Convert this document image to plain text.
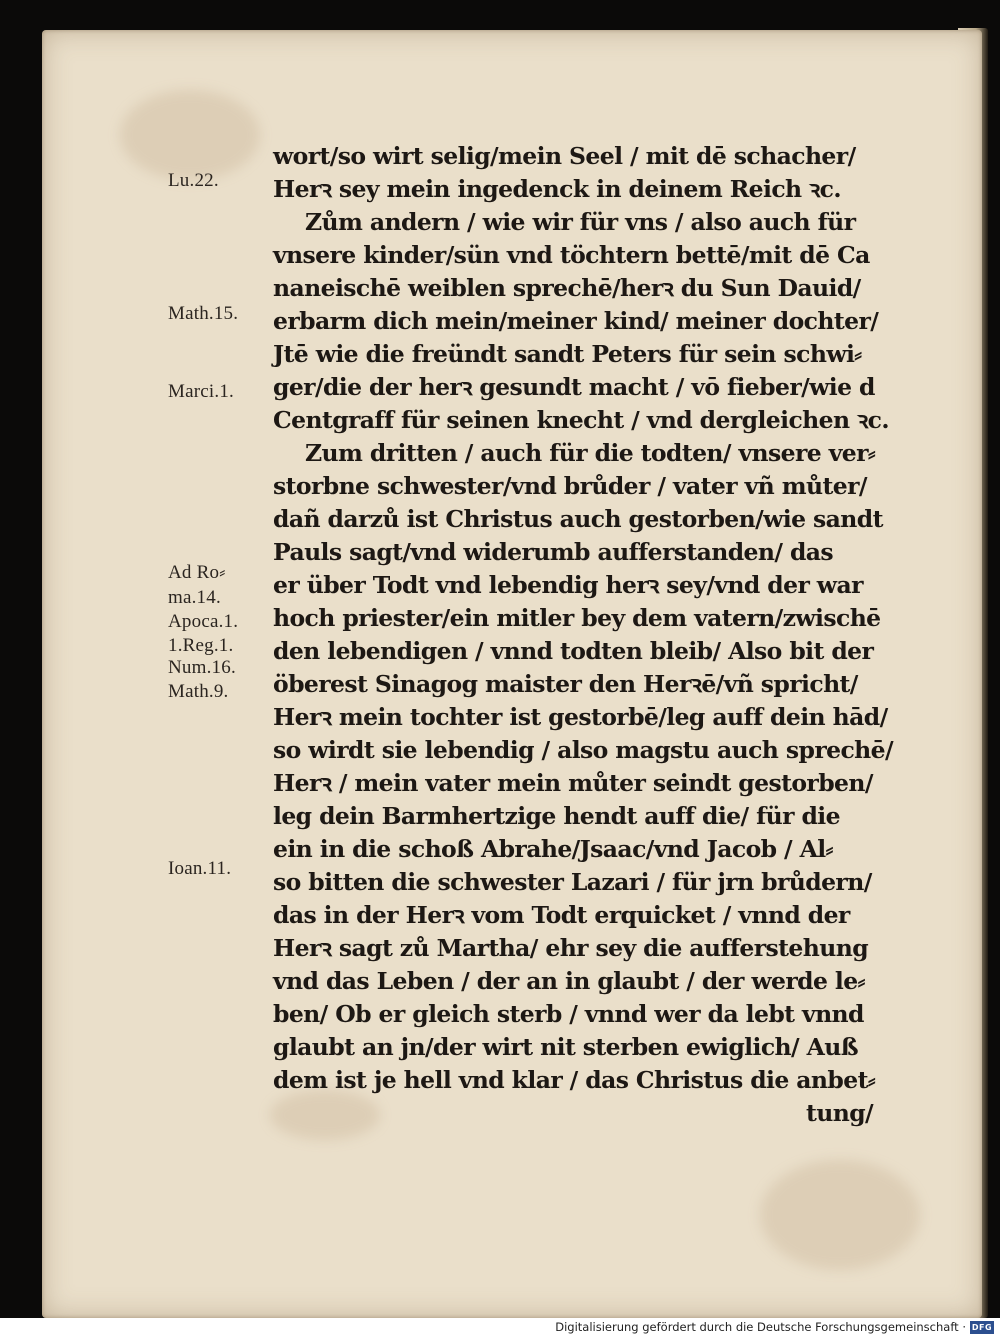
Lu.22.
Math.15.
Marci.1.
Ad Ro⸗
ma.14.
Apoca.1.
1.Reg.1.
Num.16.
Math.9.
Ioan.11.
wort/so wirt selig/mein Seel / mit dē schacher/
Herꝛ sey mein ingedenck in deinem Reich ꝛc.
Zům andern / wie wir für vns / also auch für
vnsere kinder/sün vnd töchtern bettē/mit dē Ca
naneischē weiblen sprechē/herꝛ du Sun Dauid/
erbarm dich mein/meiner kind/ meiner dochter/
Jtē wie die freündt sandt Peters für sein schwi⸗
ger/die der herꝛ gesundt macht / vō fieber/wie d
Centgraff für seinen knecht / vnd dergleichen ꝛc.
Zum dritten / auch für die todten/ vnsere ver⸗
storbne schwester/vnd brůder / vater vñ můter/
dañ darzů ist Christus auch gestorben/wie sandt
Pauls sagt/vnd widerumb aufferstanden/ das
er über Todt vnd lebendig herꝛ sey/vnd der war
hoch priester/ein mitler bey dem vatern/zwischē
den lebendigen / vnnd todten bleib/ Also bit der
öberest Sinagog maister den Herꝛē/vñ spricht/
Herꝛ mein tochter ist gestorbē/leg auff dein hād/
so wirdt sie lebendig / also magstu auch sprechē/
Herꝛ / mein vater mein můter seindt gestorben/
leg dein Barmhertzige hendt auff die/ für die
ein in die schoß Abrahe/Jsaac/vnd Jacob / Al⸗
so bitten die schwester Lazari / für jrn brůdern/
das in der Herꝛ vom Todt erquicket / vnnd der
Herꝛ sagt zů Martha/ ehr sey die aufferstehung
vnd das Leben / der an in glaubt / der werde le⸗
ben/ Ob er gleich sterb / vnnd wer da lebt vnnd
glaubt an jn/der wirt nit sterben ewiglich/ Auß
dem ist je hell vnd klar / das Christus die anbet⸗
tung/
Digitalisierung gefördert durch die Deutsche Forschungsgemeinschaft · DFG
